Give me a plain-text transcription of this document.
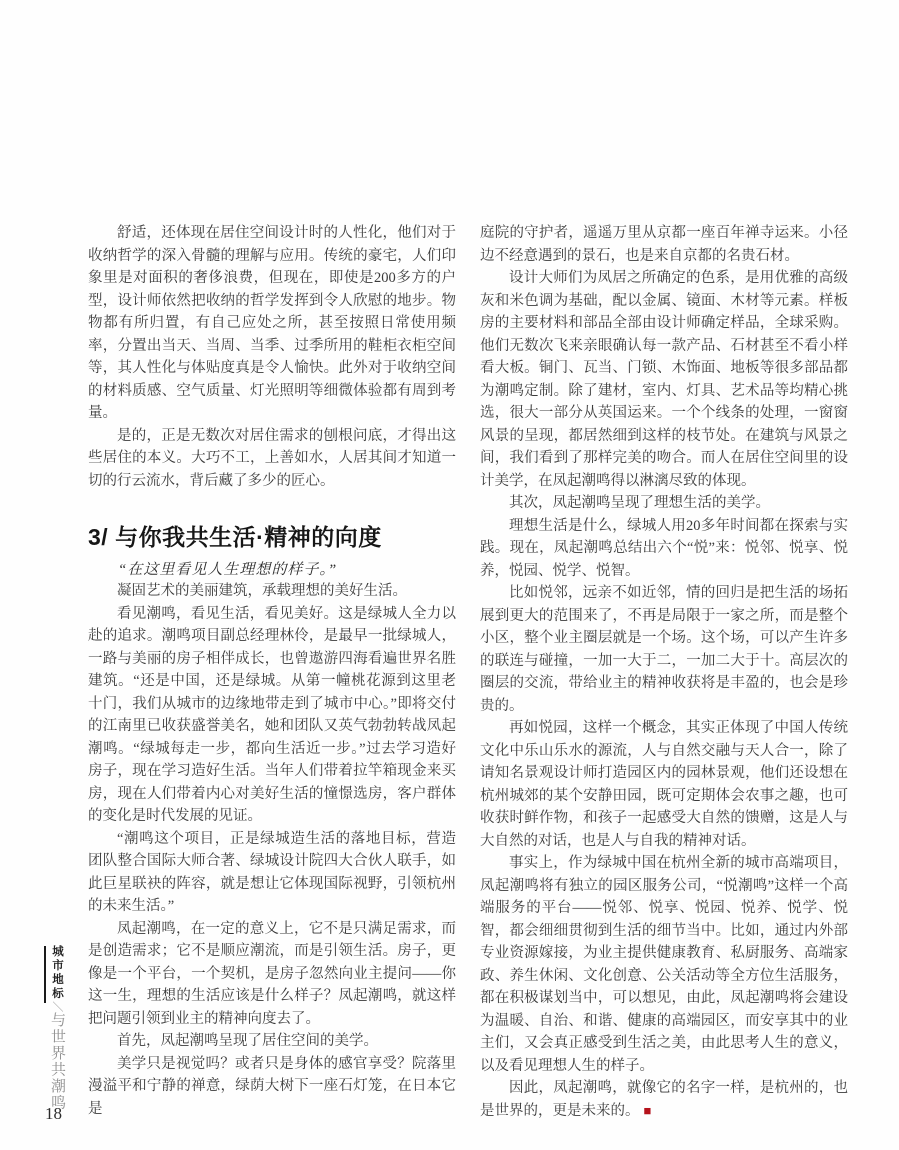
城市地标＼与世界共潮鸣
18

舒适，还体现在居住空间设计时的人性化，他们对于收纳哲学的深入骨髓的理解与应用。传统的豪宅，人们印象里是对面积的奢侈浪费，但现在，即使是200多方的户型，设计师依然把收纳的哲学发挥到令人欣慰的地步。物物都有所归置，有自己应处之所，甚至按照日常使用频率，分置出当天、当周、当季、过季所用的鞋柜衣柜空间等，其人性化与体贴度真是令人愉快。此外对于收纳空间的材料质感、空气质量、灯光照明等细微体验都有周到考量。

是的，正是无数次对居住需求的刨根问底，才得出这些居住的本义。大巧不工，上善如水，人居其间才知道一切的行云流水，背后藏了多少的匠心。

3/ 与你我共生活·精神的向度

“在这里看见人生理想的样子。”

凝固艺术的美丽建筑，承载理想的美好生活。

看见潮鸣，看见生活，看见美好。这是绿城人全力以赴的追求。潮鸣项目副总经理林伶，是最早一批绿城人，一路与美丽的房子相伴成长，也曾遨游四海看遍世界名胜建筑。“还是中国，还是绿城。从第一幢桃花源到这里老十门，我们从城市的边缘地带走到了城市中心。”即将交付的江南里已收获盛誉美名，她和团队又英气勃勃转战凤起潮鸣。“绿城每走一步，都向生活近一步。”过去学习造好房子，现在学习造好生活。当年人们带着拉竿箱现金来买房，现在人们带着内心对美好生活的憧憬选房，客户群体的变化是时代发展的见证。

“潮鸣这个项目，正是绿城造生活的落地目标，营造团队整合国际大师合著、绿城设计院四大合伙人联手，如此巨星联袂的阵容，就是想让它体现国际视野，引领杭州的未来生活。”

凤起潮鸣，在一定的意义上，它不是只满足需求，而是创造需求；它不是顺应潮流，而是引领生活。房子，更像是一个平台，一个契机，是房子忽然向业主提问——你这一生，理想的生活应该是什么样子？凤起潮鸣，就这样把问题引领到业主的精神向度去了。

首先，凤起潮鸣呈现了居住空间的美学。

美学只是视觉吗？或者只是身体的感官享受？院落里漫溢平和宁静的禅意，绿荫大树下一座石灯笼，在日本它是

庭院的守护者，遥遥万里从京都一座百年禅寺运来。小径边不经意遇到的景石，也是来自京都的名贵石材。

设计大师们为凤居之所确定的色系，是用优雅的高级灰和米色调为基础，配以金属、镜面、木材等元素。样板房的主要材料和部品全部由设计师确定样品，全球采购。他们无数次飞来亲眼确认每一款产品、石材甚至不看小样看大板。铜门、瓦当、门锁、木饰面、地板等很多部品都为潮鸣定制。除了建材，室内、灯具、艺术品等均精心挑选，很大一部分从英国运来。一个个线条的处理，一窗窗风景的呈现，都居然细到这样的枝节处。在建筑与风景之间，我们看到了那样完美的吻合。而人在居住空间里的设计美学，在凤起潮鸣得以淋漓尽致的体现。

其次，凤起潮鸣呈现了理想生活的美学。

理想生活是什么，绿城人用20多年时间都在探索与实践。现在，凤起潮鸣总结出六个“悦”来：悦邻、悦享、悦养，悦园、悦学、悦智。

比如悦邻，远亲不如近邻，情的回归是把生活的场拓展到更大的范围来了，不再是局限于一家之所，而是整个小区，整个业主圈层就是一个场。这个场，可以产生许多的联连与碰撞，一加一大于二，一加二大于十。高层次的圈层的交流，带给业主的精神收获将是丰盈的，也会是珍贵的。

再如悦园，这样一个概念，其实正体现了中国人传统文化中乐山乐水的源流，人与自然交融与天人合一，除了请知名景观设计师打造园区内的园林景观，他们还设想在杭州城郊的某个安静田园，既可定期体会农事之趣，也可收获时鲜作物，和孩子一起感受大自然的馈赠，这是人与大自然的对话，也是人与自我的精神对话。

事实上，作为绿城中国在杭州全新的城市高端项目，凤起潮鸣将有独立的园区服务公司，“悦潮鸣”这样一个高端服务的平台——悦邻、悦享、悦园、悦养、悦学、悦智，都会细细贯彻到生活的细节当中。比如，通过内外部专业资源嫁接，为业主提供健康教育、私厨服务、高端家政、养生休闲、文化创意、公关活动等全方位生活服务，都在积极谋划当中，可以想见，由此，凤起潮鸣将会建设为温暖、自治、和谐、健康的高端园区，而安享其中的业主们，又会真正感受到生活之美，由此思考人生的意义，以及看见理想人生的样子。

因此，凤起潮鸣，就像它的名字一样，是杭州的，也是世界的，更是未来的。 ■
